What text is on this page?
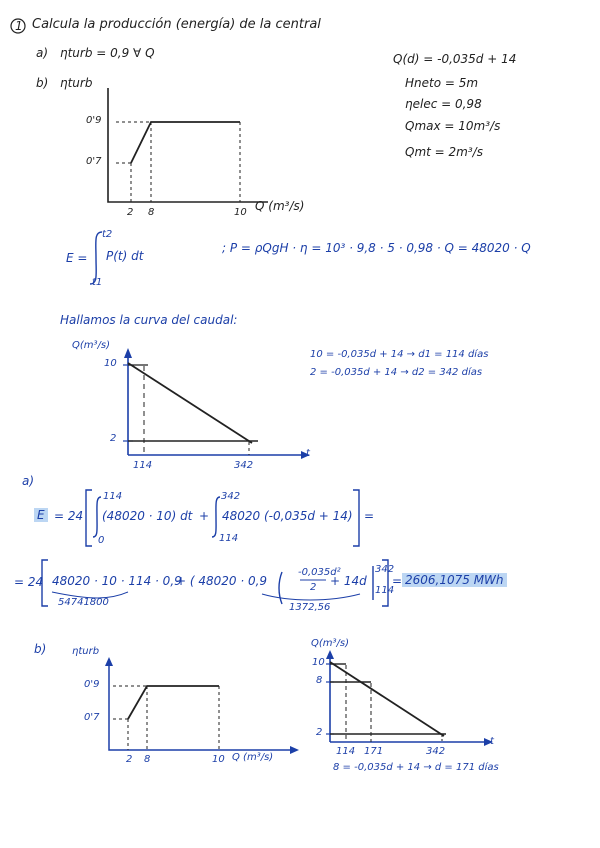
1 Calcula la producción (energía) de la central
a) ηturb = 0,9 ∀ Q
b) ηturb
Q(d) = -0,035d + 14
Hneto = 5m
ηelec = 0,98
Qmax = 10m³/s
Qmt = 2m³/s
0'9
0'7
2 8	10 Q (m³/s)
E =
t2
t1
P(t) dt
; P = ρQgH · η = 10³ · 9,8 · 5 · 0,98 · Q = 48020 · Q
Hallamos la curva del caudal:
Q(m³/s)
10
2
114	342
t
10 = -0,035d + 14 → d1 = 114 días
2 = -0,035d + 14 → d2 = 342 días
a)
E = 24
114
0
(48020 · 10) dt +
342
114
48020 (-0,035d + 14) =
= 24 48020 · 10 · 114 · 0,9
54741800
+ ( 48020 · 0,9
-0,035d²
2 + 14d
342
114
1372,56
= 2606,1075 MWh
b)	ηturb
0'9
0'7
2 8	10 Q (m³/s)
Q(m³/s)
10
8
2
114 171	342
t
8 = -0,035d + 14 → d = 171 días
